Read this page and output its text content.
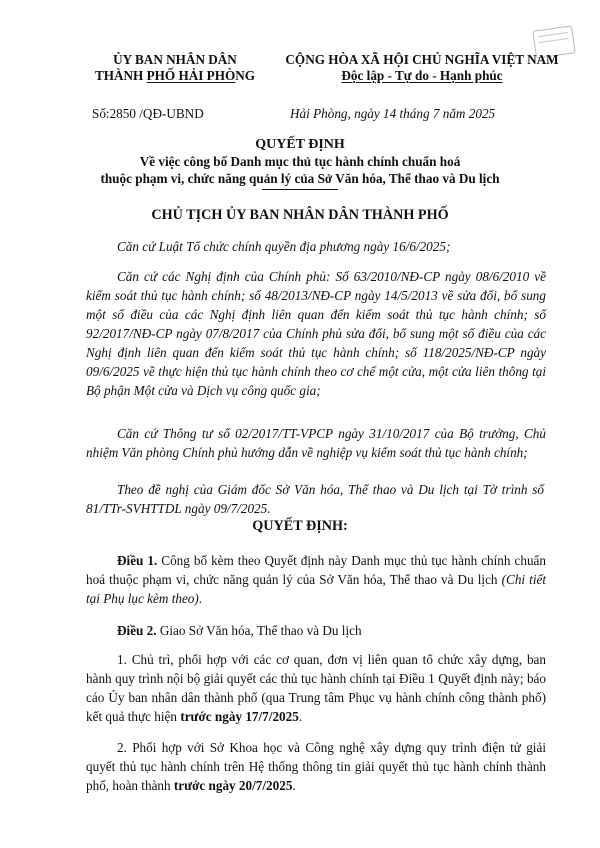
ỦY BAN NHÂN DÂN
THÀNH PHỐ HẢI PHÒNG
CỘNG HÒA XÃ HỘI CHỦ NGHĨA VIỆT NAM
Độc lập - Tự do - Hạnh phúc
Số:2850 /QĐ-UBND	Hải Phòng, ngày 14 tháng 7 năm 2025
QUYẾT ĐỊNH
Về việc công bố Danh mục thủ tục hành chính chuẩn hoá
thuộc phạm vi, chức năng quản lý của Sở Văn hóa, Thể thao và Du lịch
CHỦ TỊCH ỦY BAN NHÂN DÂN THÀNH PHỐ

Căn cứ Luật Tổ chức chính quyền địa phương ngày 16/6/2025;

Căn cứ các Nghị định của Chính phủ: Số 63/2010/NĐ-CP ngày 08/6/2010 về kiểm soát thủ tục hành chính; số 48/2013/NĐ-CP ngày 14/5/2013 về sửa đổi, bổ sung một số điều của các Nghị định liên quan đến kiểm soát thủ tục hành chính; số 92/2017/NĐ-CP ngày 07/8/2017 của Chính phủ sửa đổi, bổ sung một số điều của các Nghị định liên quan đến kiểm soát thủ tục hành chính; số 118/2025/NĐ-CP ngày 09/6/2025 về thực hiện thủ tục hành chính theo cơ chế một cửa, một cửa liên thông tại Bộ phận Một cửa và Dịch vụ công quốc gia;

Căn cứ Thông tư số 02/2017/TT-VPCP ngày 31/10/2017 của Bộ trưởng, Chủ nhiệm Văn phòng Chính phủ hướng dẫn về nghiệp vụ kiểm soát thủ tục hành chính;

Theo đề nghị của Giám đốc Sở Văn hóa, Thể thao và Du lịch tại Tờ trình số 81/TTr-SVHTTDL ngày 09/7/2025.

QUYẾT ĐỊNH:

Điều 1. Công bố kèm theo Quyết định này Danh mục thủ tục hành chính chuẩn hoá thuộc phạm vi, chức năng quản lý của Sở Văn hóa, Thể thao và Du lịch (Chi tiết tại Phụ lục kèm theo).

Điều 2. Giao Sở Văn hóa, Thể thao và Du lịch

1. Chủ trì, phối hợp với các cơ quan, đơn vị liên quan tổ chức xây dựng, ban hành quy trình nội bộ giải quyết các thủ tục hành chính tại Điều 1 Quyết định này; báo cáo Ủy ban nhân dân thành phố (qua Trung tâm Phục vụ hành chính công thành phố) kết quả thực hiện trước ngày 17/7/2025.

2. Phối hợp với Sở Khoa học và Công nghệ xây dựng quy trình điện tử giải quyết thủ tục hành chính trên Hệ thống thông tin giải quyết thủ tục hành chính thành phố, hoàn thành trước ngày 20/7/2025.
